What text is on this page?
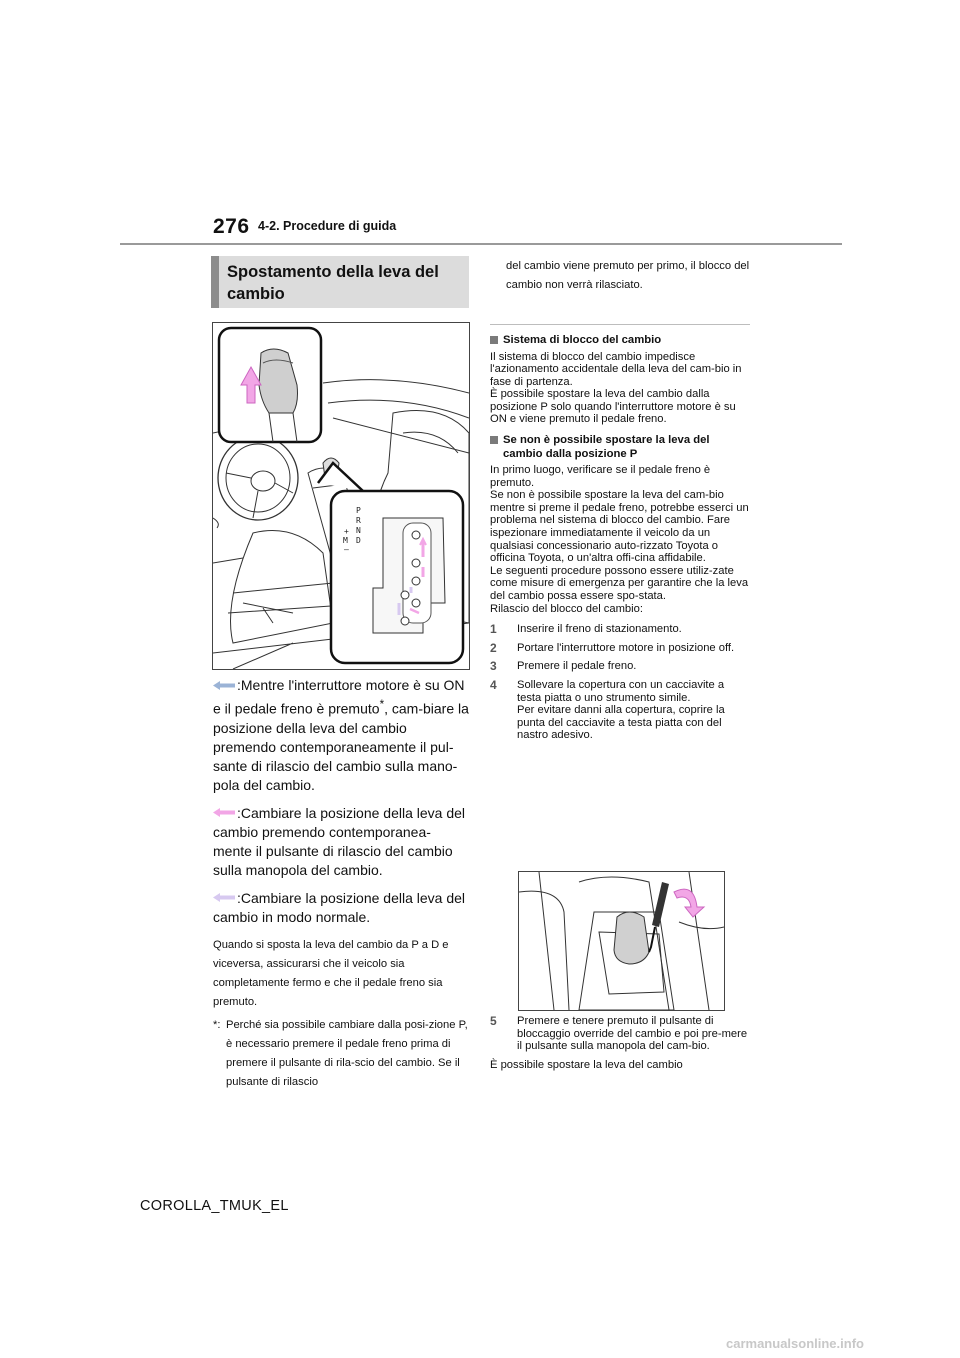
276 4-2. Procedure di guida
Spostamento della leva del cambio
P
R
N
D
+
M
–

:Mentre l'interruttore motore è su ON e il pedale freno è premuto*, cam-biare la posizione della leva del cambio premendo contemporaneamente il pul-sante di rilascio del cambio sulla mano-pola del cambio.

:Cambiare la posizione della leva del cambio premendo contemporanea-mente il pulsante di rilascio del cambio sulla manopola del cambio.

:Cambiare la posizione della leva del cambio in modo normale.

Quando si sposta la leva del cambio da P a D e viceversa, assicurarsi che il veicolo sia completamente fermo e che il pedale freno sia premuto.

*: Perché sia possibile cambiare dalla posi-zione P, è necessario premere il pedale freno prima di premere il pulsante di rila-scio del cambio. Se il pulsante di rilascio

del cambio viene premuto per primo, il blocco del cambio non verrà rilasciato.

Sistema di blocco del cambio

Il sistema di blocco del cambio impedisce l'azionamento accidentale della leva del cam-bio in fase di partenza.
È possibile spostare la leva del cambio dalla posizione P solo quando l'interruttore motore è su ON e viene premuto il pedale freno.

Se non è possibile spostare la leva del cambio dalla posizione P

In primo luogo, verificare se il pedale freno è premuto.
Se non è possibile spostare la leva del cam-bio mentre si preme il pedale freno, potrebbe esserci un problema nel sistema di blocco del cambio. Fare ispezionare immediatamente il veicolo da un qualsiasi concessionario auto-rizzato Toyota o officina Toyota, o un'altra offi-cina affidabile.
Le seguenti procedure possono essere utiliz-zate come misure di emergenza per garantire che la leva del cambio possa essere spo-stata.
Rilascio del blocco del cambio:

1 Inserire il freno di stazionamento.
2 Portare l'interruttore motore in posizione off.
3 Premere il pedale freno.
4 Sollevare la copertura con un cacciavite a testa piatta o uno strumento simile.
Per evitare danni alla copertura, coprire la punta del cacciavite a testa piatta con del nastro adesivo.
5 Premere e tenere premuto il pulsante di bloccaggio override del cambio e poi pre-mere il pulsante sulla manopola del cam-bio.

È possibile spostare la leva del cambio

COROLLA_TMUK_EL
carmanualsonline.info
